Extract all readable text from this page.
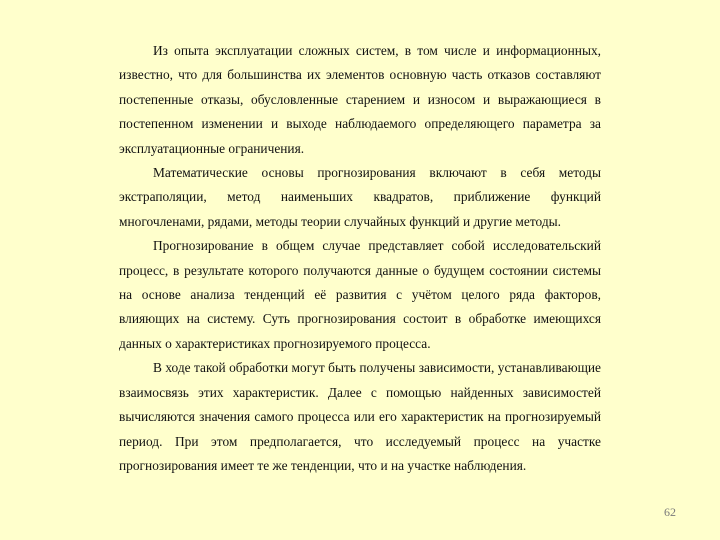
Из опыта эксплуатации сложных систем, в том числе и информационных, известно, что для большинства их элементов основную часть отказов составляют постепенные отказы, обусловленные старением и износом и выражающиеся в постепенном изменении и выходе наблюдаемого определяющего параметра за эксплуатационные ограничения.

Математические основы прогнозирования включают в себя методы экстраполяции, метод наименьших квадратов, приближение функций многочленами, рядами, методы теории случайных функций и другие методы.

Прогнозирование в общем случае представляет собой исследовательский процесс, в результате которого получаются данные о будущем состоянии системы на основе анализа тенденций её развития с учётом целого ряда факторов, влияющих на систему. Суть прогнозирования состоит в обработке имеющихся данных о характеристиках прогнозируемого процесса.

В ходе такой обработки могут быть получены зависимости, устанавливающие взаимосвязь этих характеристик. Далее с помощью найденных зависимостей вычисляются значения самого процесса или его характеристик на прогнозируемый период. При этом предполагается, что исследуемый процесс на участке прогнозирования имеет те же тенденции, что и на участке наблюдения.

62
